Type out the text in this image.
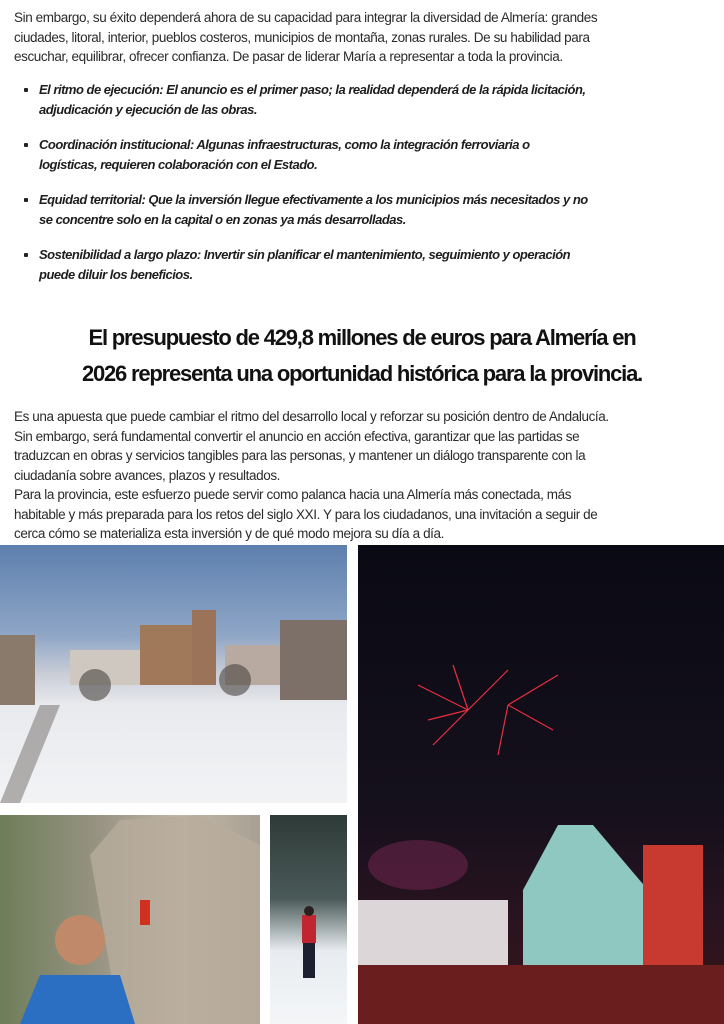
Sin embargo, su éxito dependerá ahora de su capacidad para integrar la diversidad de Almería: grandes
ciudades, litoral, interior, pueblos costeros, municipios de montaña, zonas rurales. De su habilidad para
escuchar, equilibrar, ofrecer confianza. De pasar de liderar María a representar a toda la provincia.
El ritmo de ejecución: El anuncio es el primer paso; la realidad dependerá de la rápida licitación,
adjudicación y ejecución de las obras.
Coordinación institucional: Algunas infraestructuras, como la integración ferroviaria o
logísticas, requieren colaboración con el Estado.
Equidad territorial: Que la inversión llegue efectivamente a los municipios más necesitados y no
se concentre solo en la capital o en zonas ya más desarrolladas.
Sostenibilidad a largo plazo: Invertir sin planificar el mantenimiento, seguimiento y operación
puede diluir los beneficios.
El presupuesto de 429,8 millones de euros para Almería en
2026 representa una oportunidad histórica para la provincia.
Es una apuesta que puede cambiar el ritmo del desarrollo local y reforzar su posición dentro de Andalucía.
Sin embargo, será fundamental convertir el anuncio en acción efectiva, garantizar que las partidas se
traduzcan en obras y servicios tangibles para las personas, y mantener un diálogo transparente con la
ciudadanía sobre avances, plazos y resultados.
Para la provincia, este esfuerzo puede servir como palanca hacia una Almería más conectada, más
habitable y más preparada para los retos del siglo XXI. Y para los ciudadanos, una invitación a seguir de
cerca cómo se materializa esta inversión y de qué modo mejora su día a día.
